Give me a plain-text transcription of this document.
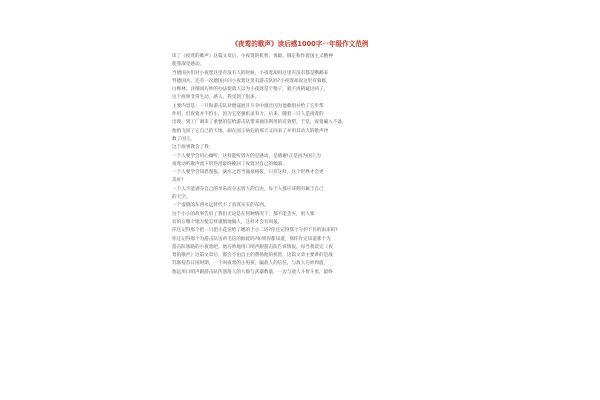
《夜莺的歌声》读后感1000字一年级作文范例
读了《夜莺的歌声》这篇文章后，小夜莺的机智、勇敢、镇定和作爱国主义精神
使我深受感动。
当德国兵们对小夜莺这里有没有人的时候，小夜莺却用这里有没有都是鹦鹉来
骂德国兵。还有一次德国兵问小夜莺这里有游击队吗?小夜莺却说这里有狼群，
白桦林。详细而巧妙的办法使敌人以为小夜莺是个傻子，就不再猜疑这回了。
这个故事非常生动、感人，我受到了很多。
主要内容是：一只和游击队对德寇展开斗争中渡过因为他歌唱并给了它步帮
作用，但夜莺并不怕小，因为它坚强机灵有力，后来，随着一只人造夜莺的
出现，到工厂调来了重要的信给游击队带来通讯利用的有效帮，于是，夜莺确入不备，
他悄飞回了它自己的天地，却在国王病危的那天又回来了并用其动人的歌声拯
救了国王。
这个故事教会了我：
一个人要学会用心倾听，这样能听到方的是感动，是感谢!正是因为国王为
夜莺动听歌声流下的热泪最终挽回了夜莺对自己的倾慕。
一个人要学会知恩图报，滴水之恩当涌泉相报，只有这样，这个世界才会更
美好!
一个人不能剥夺自己的享乐而夺去别人的自由，每个人都应该拥有属于自己
的天空。
一个虚假的东西永远替代不了真真实实的东西。
这个小小的故事告诉了我们无论是在何种情况下，都不能丢弃，别人要
有的在哪个地方使怎样谨慎地做人，这样才会有回报。
你还记得那个把一只把小花送给了她的上小二吗?你还记得那个守护不住的雨来吗?
你还记得那个为游击队送鸡毛信的海娃吗?如果你都知道，那你肯定知道那个为
游击队领路的小夜莺吧。他巧妙地用口哨声跟游击队告诉情报，每当我读完《夜
莺的歌声》这篇文章后，都会不由自主的赞扬他的机智，这篇文章主要讲的是战
苏联侵苏日国时期，一个叫夜莺的小男孩，骗敌人的信任，与敌人巧妙周旋，
他远用口哨声跟游击队传递敌人的人数与武器数量，一边与敌人斗智斗勇，最终
